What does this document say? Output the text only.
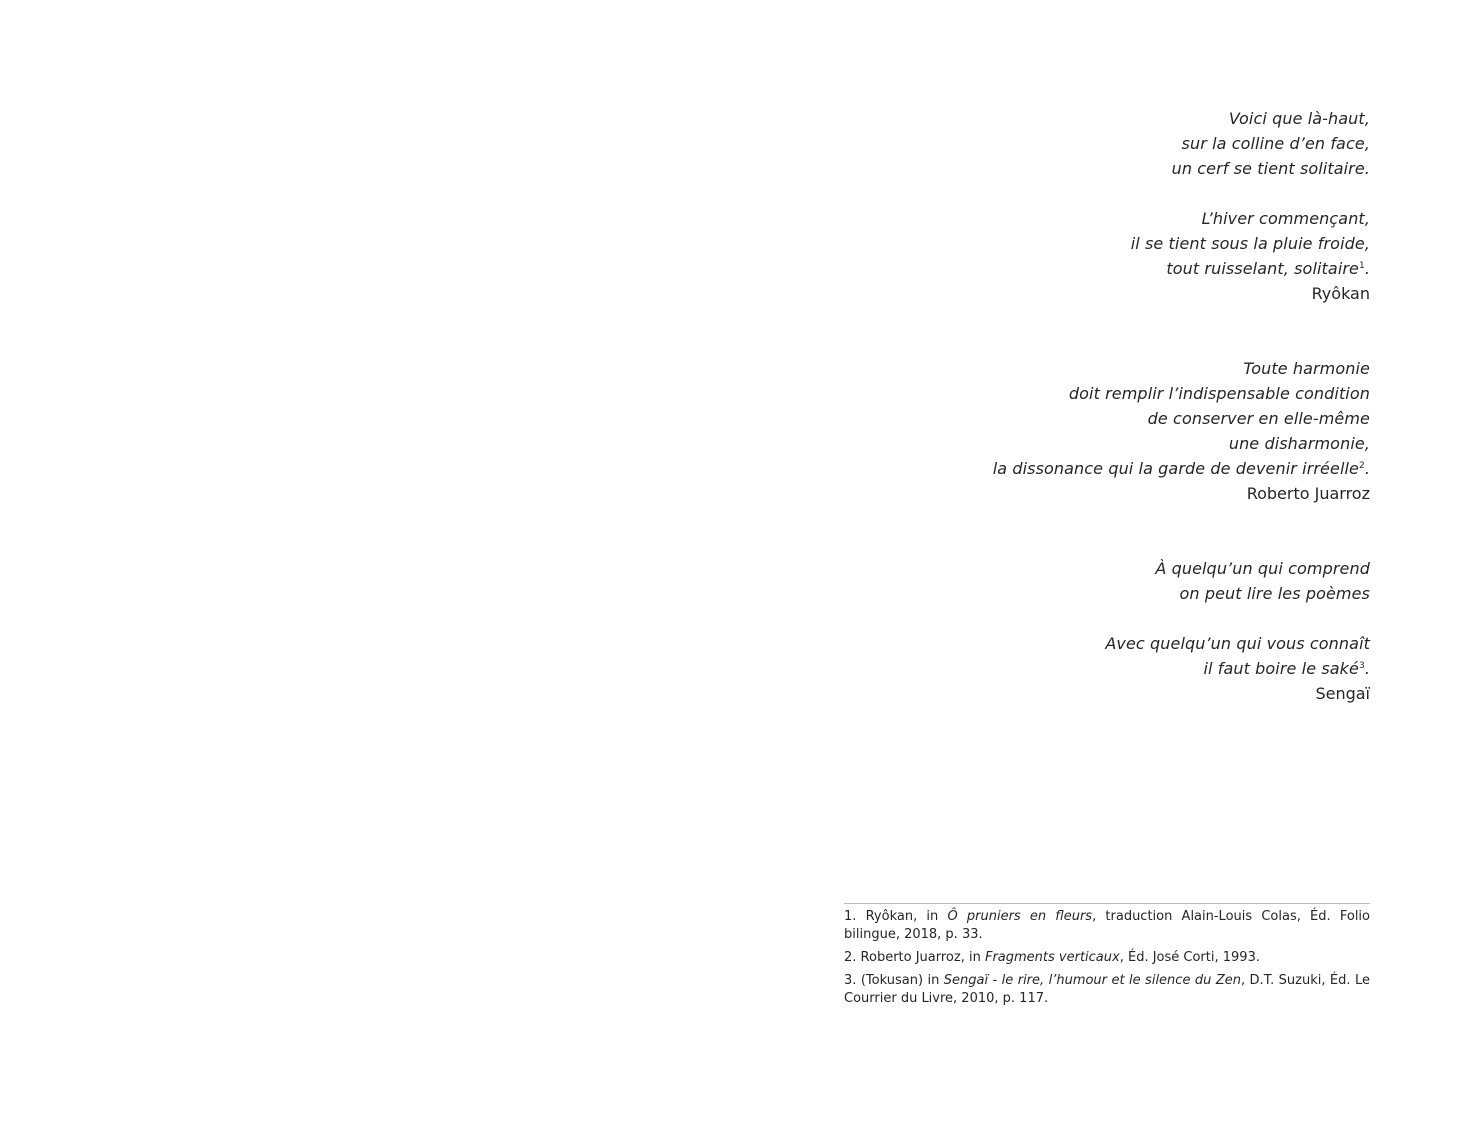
Voici que là-haut,
sur la colline d’en face,
un cerf se tient solitaire.
L’hiver commençant,
il se tient sous la pluie froide,
tout ruisselant, solitaire$^1$.
Ryôkan
Toute harmonie
doit remplir l’indispensable condition
de conserver en elle-même
une disharmonie,
la dissonance qui la garde de devenir irréelle$^2$.
Roberto Juarroz
À quelqu’un qui comprend
on peut lire les poèmes
Avec quelqu’un qui vous connaît
il faut boire le saké$^3$.
Sengaï

1. Ryôkan, in Ô pruniers en fleurs, traduction Alain-Louis Colas, Éd. Folio bilingue, 2018, p. 33.

2. Roberto Juarroz, in Fragments verticaux, Éd. José Corti, 1993.

3. (Tokusan) in Sengaï - le rire, l’humour et le silence du Zen, D.T. Suzuki, Éd. Le Courrier du Livre, 2010, p. 117.
